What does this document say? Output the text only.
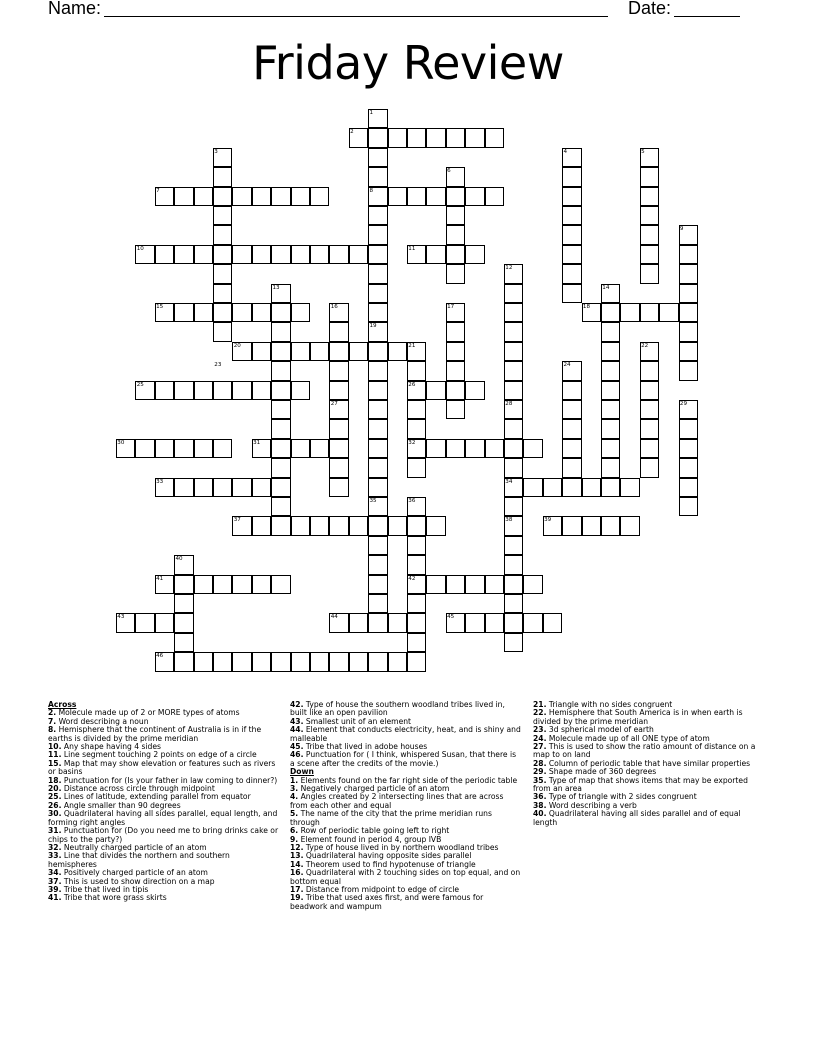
Name:	Date:
Friday Review
1
2
3	4	5
6
7	8
9
10	11
12
13	14
15	16	17	18
19
20	21	22
23	24
25	26
27	28	29
30	31	32
33	34
35	36
37	38	39
40
41	42
43	44	45
46
Across
2. Molecule made up of 2 or MORE types of atoms
7. Word describing a noun
8. Hemisphere that the continent of Australia is in if the earths is divided by the prime meridian
10. Any shape having 4 sides
11. Line segment touching 2 points on edge of a circle
15. Map that may show elevation or features such as rivers or basins
18. Punctuation for (Is your father in law coming to dinner?)
20. Distance across circle through midpoint
25. Lines of latitude, extending parallel from equator
26. Angle smaller than 90 degrees
30. Quadrilateral having all sides parallel, equal length, and forming right angles
31. Punctuation for (Do you need me to bring drinks cake or chips to the party?)
32. Neutrally charged particle of an atom
33. Line that divides the northern and southern hemispheres
34. Positively charged particle of an atom
37. This is used to show direction on a map
39. Tribe that lived in tipis
41. Tribe that wore grass skirts
42. Type of house the southern woodland tribes lived in, built like an open pavilion
43. Smallest unit of an element
44. Element that conducts electricity, heat, and is shiny and malleable
45. Tribe that lived in adobe houses
46. Punctuation for ( I think, whispered Susan, that there is a scene after the credits of the movie.)
Down
1. Elements found on the far right side of the periodic table
3. Negatively charged particle of an atom
4. Angles created by 2 intersecting lines that are across from each other and equal
5. The name of the city that the prime meridian runs through
6. Row of periodic table going left to right
9. Element found in period 4, group IVB
12. Type of house lived in by northern woodland tribes
13. Quadrilateral having opposite sides parallel
14. Theorem used to find hypotenuse of triangle
16. Quadrilateral with 2 touching sides on top equal, and on bottom equal
17. Distance from midpoint to edge of circle
19. Tribe that used axes first, and were famous for beadwork and wampum
21. Triangle with no sides congruent
22. Hemisphere that South America is in when earth is divided by the prime meridian
23. 3d spherical model of earth
24. Molecule made up of all ONE type of atom
27. This is used to show the ratio amount of distance on a map to on land
28. Column of periodic table that have similar properties
29. Shape made of 360 degrees
35. Type of map that shows items that may be exported from an area
36. Type of triangle with 2 sides congruent
38. Word describing a verb
40. Quadrilateral having all sides parallel and of equal length
